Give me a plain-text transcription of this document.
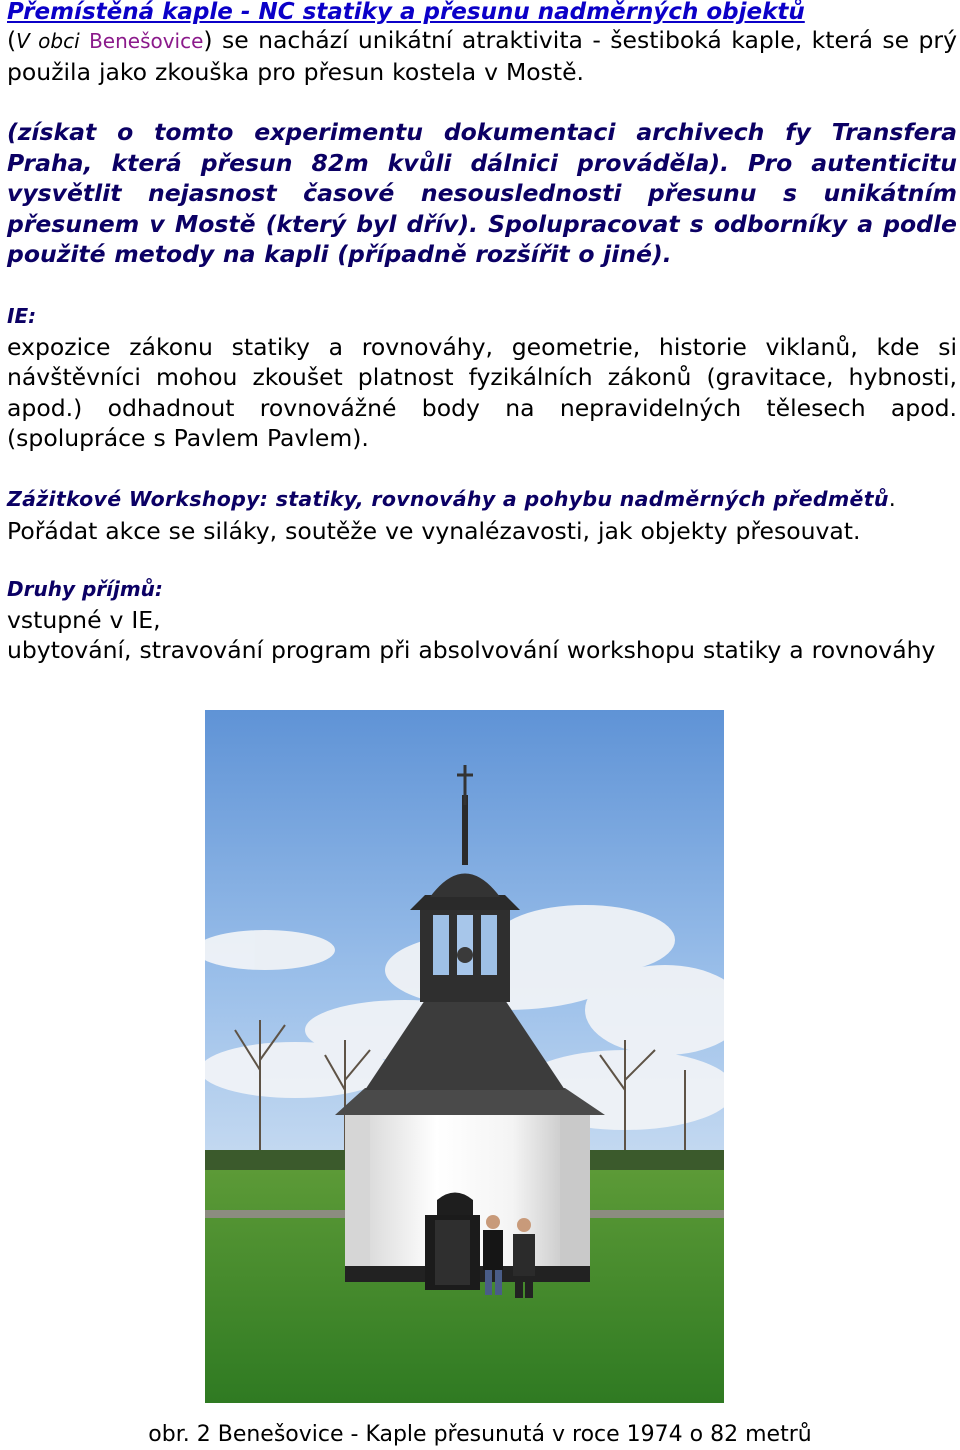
Přemístěná kaple - NC statiky a přesunu nadměrných objektů

(V obci Benešovice) se nachází unikátní atraktivita - šestiboká kaple, která se prý použila jako zkouška pro přesun kostela v Mostě.

(získat o tomto experimentu dokumentaci archivech fy Transfera Praha, která přesun 82m kvůli dálnici prováděla). Pro autenticitu vysvětlit nejasnost časové nesouslednosti přesunu s unikátním přesunem v Mostě (který byl dřív). Spolupracovat s odborníky a podle použité metody na kapli (případně rozšířit o jiné).

IE:

expozice zákonu statiky a rovnováhy, geometrie, historie viklanů, kde si návštěvníci mohou zkoušet platnost fyzikálních zákonů (gravitace, hybnosti, apod.) odhadnout rovnovážné body na nepravidelných tělesech apod. (spolupráce s Pavlem Pavlem).

Zážitkové Workshopy: statiky, rovnováhy a pohybu nadměrných předmětů.

Pořádat akce se siláky, soutěže ve vynalézavosti, jak objekty přesouvat.

Druhy příjmů:

vstupné v IE,

ubytování, stravování program při absolvování workshopu statiky a rovnováhy

obr. 2 Benešovice - Kaple přesunutá v roce 1974 o 82 metrů
